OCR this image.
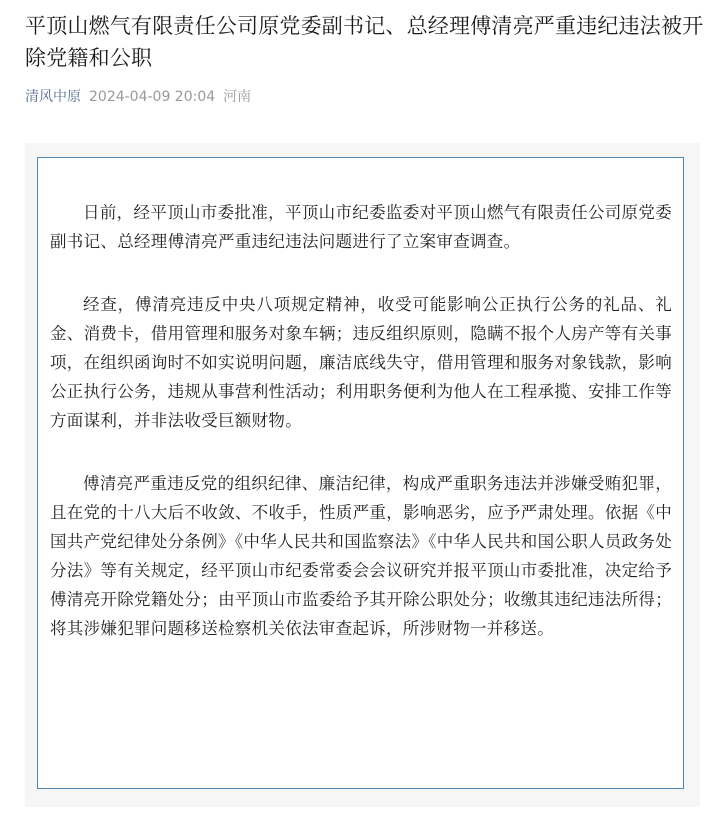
平顶山燃气有限责任公司原党委副书记、总经理傅清亮严重违纪违法被开除党籍和公职
清风中原 2024-04-09 20:04 河南

日前，经平顶山市委批准，平顶山市纪委监委对平顶山燃气有限责任公司原党委副书记、总经理傅清亮严重违纪违法问题进行了立案审查调查。

经查，傅清亮违反中央八项规定精神，收受可能影响公正执行公务的礼品、礼金、消费卡，借用管理和服务对象车辆；违反组织原则，隐瞒不报个人房产等有关事项，在组织函询时不如实说明问题，廉洁底线失守，借用管理和服务对象钱款，影响公正执行公务，违规从事营利性活动；利用职务便利为他人在工程承揽、安排工作等方面谋利，并非法收受巨额财物。

傅清亮严重违反党的组织纪律、廉洁纪律，构成严重职务违法并涉嫌受贿犯罪，且在党的十八大后不收敛、不收手，性质严重，影响恶劣，应予严肃处理。依据《中国共产党纪律处分条例》《中华人民共和国监察法》《中华人民共和国公职人员政务处分法》等有关规定，经平顶山市纪委常委会会议研究并报平顶山市委批准，决定给予傅清亮开除党籍处分；由平顶山市监委给予其开除公职处分；收缴其违纪违法所得；将其涉嫌犯罪问题移送检察机关依法审查起诉，所涉财物一并移送。
